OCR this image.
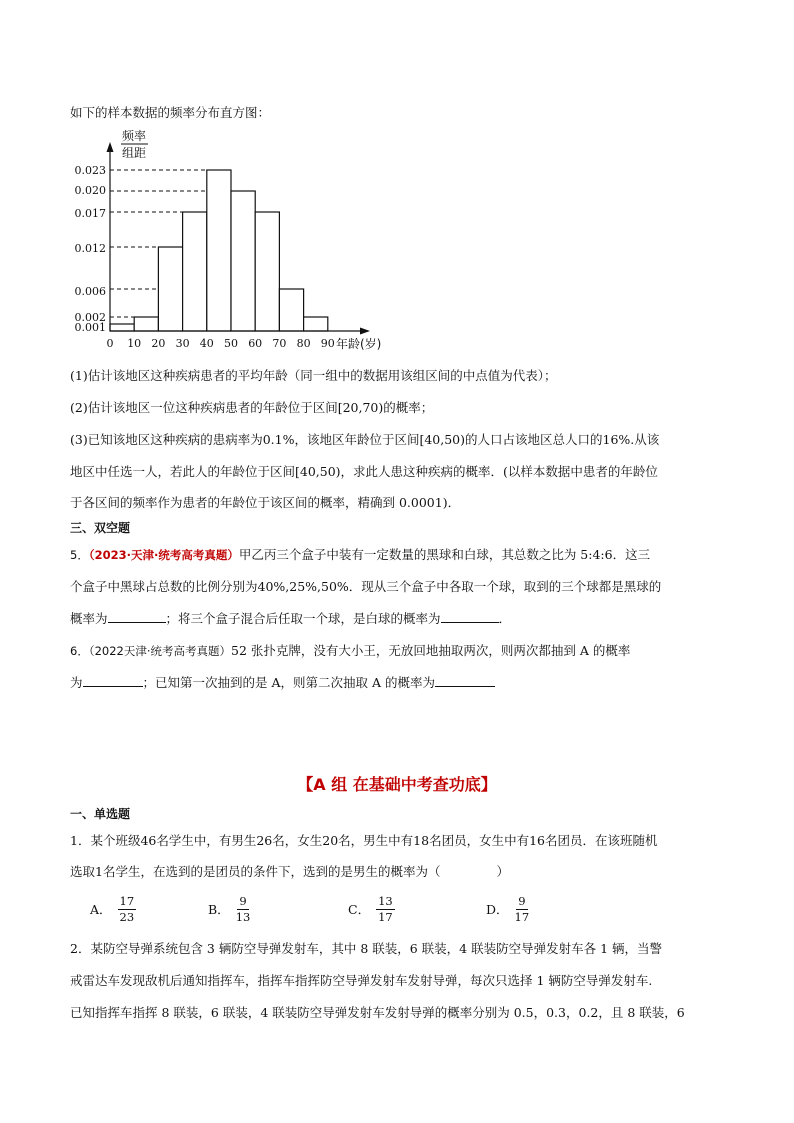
如下的样本数据的频率分布直方图：
0.001
0.002
0.006
0.012
0.017
0.020
0.023
0 10 20 30 40 50 60 70 80 90
频率
组距
年龄(岁)
(1)估计该地区这种疾病患者的平均年龄（同一组中的数据用该组区间的中点值为代表）；
(2)估计该地区一位这种疾病患者的年龄位于区间[20,70)的概率；
(3)已知该地区这种疾病的患病率为0.1%，该地区年龄位于区间[40,50)的人口占该地区总人口的16%.从该
地区中任选一人，若此人的年龄位于区间[40,50)，求此人患这种疾病的概率．(以样本数据中患者的年龄位
于各区间的频率作为患者的年龄位于该区间的概率，精确到 0.0001)．
三、双空题
5．（2023·天津·统考高考真题）甲乙丙三个盒子中装有一定数量的黑球和白球，其总数之比为 5:4:6．这三
个盒子中黑球占总数的比例分别为40%,25%,50%．现从三个盒子中各取一个球，取到的三个球都是黑球的
概率为	；将三个盒子混合后任取一个球，是白球的概率为	．
6．（2022天津·统考高考真题）52 张扑克牌，没有大小王，无放回地抽取两次，则两次都抽到 A 的概率
为	；已知第一次抽到的是 A，则第二次抽取 A 的概率为
【A 组 在基础中考查功底】
一、单选题
1．某个班级46名学生中，有男生26名，女生20名，男生中有18名团员，女生中有16名团员．在该班随机
选取1名学生，在选到的是团员的条件下，选到的是男生的概率为（	）
A． $\frac{17}{23}$	B． $\frac{9}{13}$	C． $\frac{13}{17}$	D． $\frac{9}{17}$
2．某防空导弹系统包含 3 辆防空导弹发射车，其中 8 联装，6 联装，4 联装防空导弹发射车各 1 辆，当警
戒雷达车发现敌机后通知指挥车，指挥车指挥防空导弹发射车发射导弹，每次只选择 1 辆防空导弹发射车.
已知指挥车指挥 8 联装，6 联装，4 联装防空导弹发射车发射导弹的概率分别为 0.5，0.3，0.2，且 8 联装，6
